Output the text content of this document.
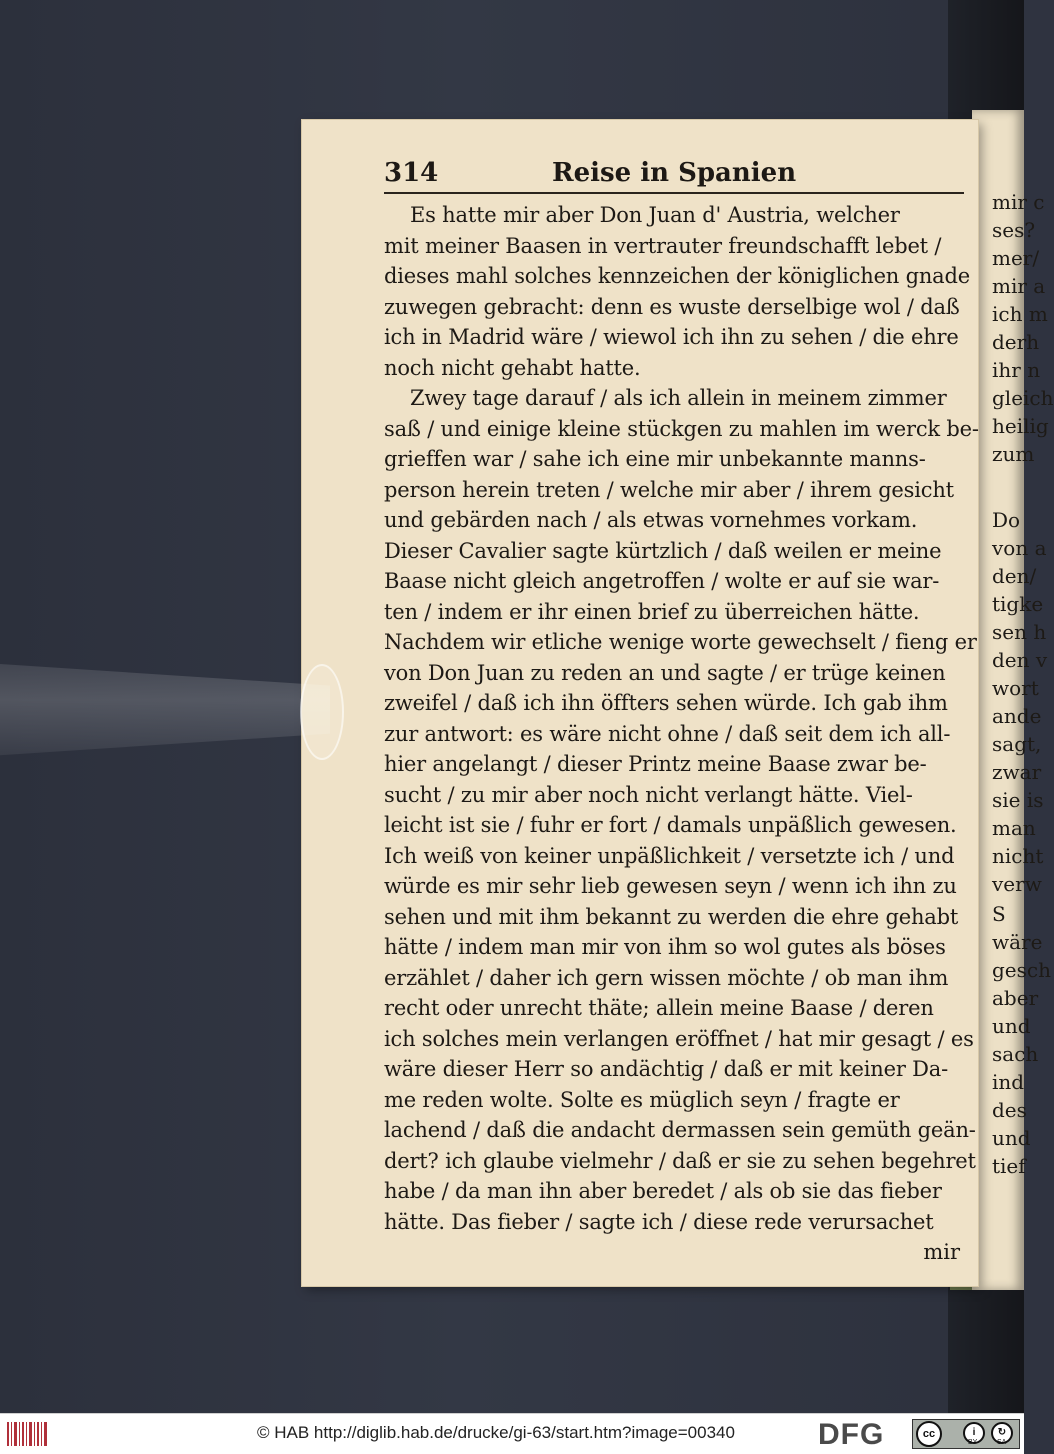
mir c
ses?
mer/
mir a
ich m
derh
ihr n
gleich
heilig
zum
Do
von a
den/
tigke
sen h
den v
wort
ande
sagt,
zwar
sie is
man
nicht
verw
S
wäre
gesch
aber
und
sach
ind
des
und
tief
314	Reise in Spanien
Es hatte mir aber Don Juan d' Austria, welcher
mit meiner Baasen in vertrauter freundschafft lebet /
dieses mahl solches kennzeichen der königlichen gnade
zuwegen gebracht: denn es wuste derselbige wol / daß
ich in Madrid wäre / wiewol ich ihn zu sehen / die ehre
noch nicht gehabt hatte.
Zwey tage darauf / als ich allein in meinem zimmer
saß / und einige kleine stückgen zu mahlen im werck be-
grieffen war / sahe ich eine mir unbekannte manns-
person herein treten / welche mir aber / ihrem gesicht
und gebärden nach / als etwas vornehmes vorkam.
Dieser Cavalier sagte kürtzlich / daß weilen er meine
Baase nicht gleich angetroffen / wolte er auf sie war-
ten / indem er ihr einen brief zu überreichen hätte.
Nachdem wir etliche wenige worte gewechselt / fieng er
von Don Juan zu reden an und sagte / er trüge keinen
zweifel / daß ich ihn öffters sehen würde. Ich gab ihm
zur antwort: es wäre nicht ohne / daß seit dem ich all-
hier angelangt / dieser Printz meine Baase zwar be-
sucht / zu mir aber noch nicht verlangt hätte. Viel-
leicht ist sie / fuhr er fort / damals unpäßlich gewesen.
Ich weiß von keiner unpäßlichkeit / versetzte ich / und
würde es mir sehr lieb gewesen seyn / wenn ich ihn zu
sehen und mit ihm bekannt zu werden die ehre gehabt
hätte / indem man mir von ihm so wol gutes als böses
erzählet / daher ich gern wissen möchte / ob man ihm
recht oder unrecht thäte; allein meine Baase / deren
ich solches mein verlangen eröffnet / hat mir gesagt / es
wäre dieser Herr so andächtig / daß er mit keiner Da-
me reden wolte. Solte es müglich seyn / fragte er
lachend / daß die andacht dermassen sein gemüth geän-
dert? ich glaube vielmehr / daß er sie zu sehen begehret
habe / da man ihn aber beredet / als ob sie das fieber
hätte. Das fieber / sagte ich / diese rede verursachet
mir
© HAB http://diglib.hab.de/drucke/gi-63/start.htm?image=00340	DFG	cc	i	↻
BY	SA
